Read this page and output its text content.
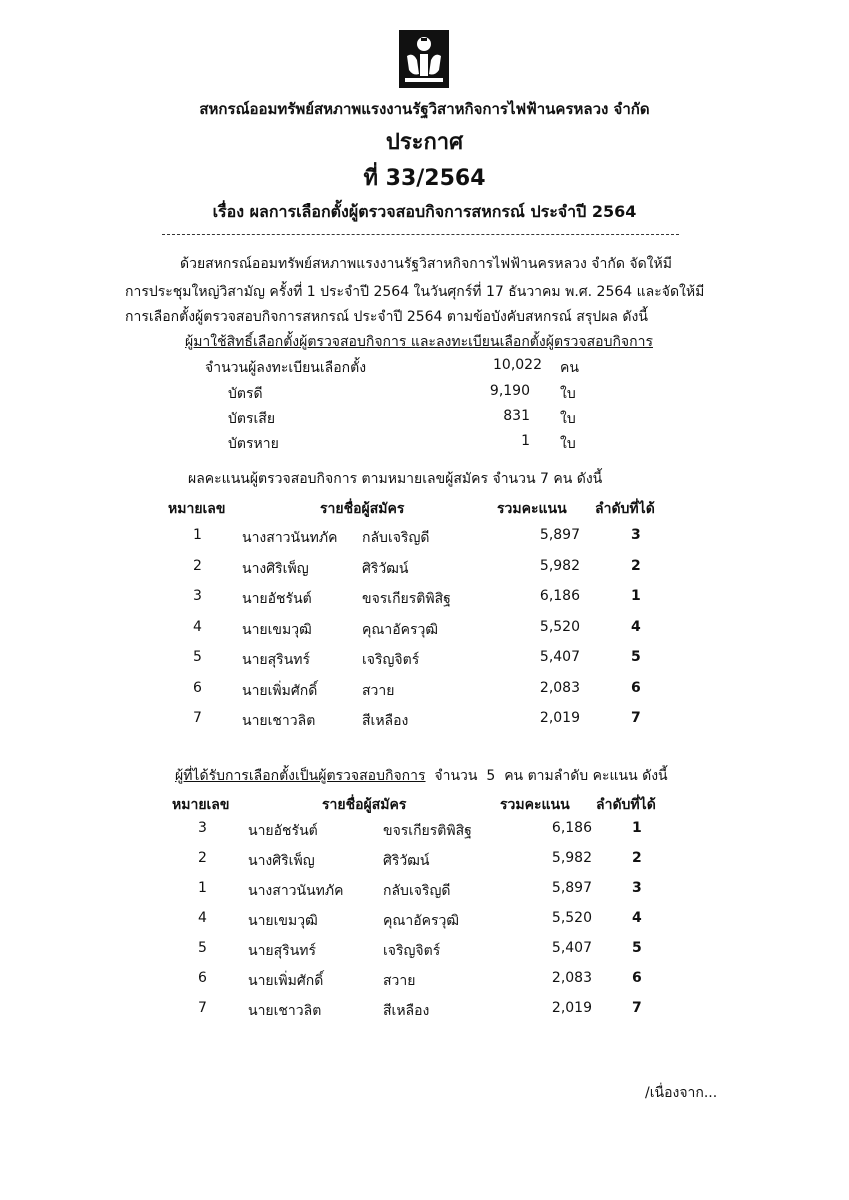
สหกรณ์ออมทรัพย์สหภาพแรงงานรัฐวิสาหกิจการไฟฟ้านครหลวง จำกัด
ประกาศ
ที่ 33/2564
เรื่อง ผลการเลือกตั้งผู้ตรวจสอบกิจการสหกรณ์ ประจำปี 2564
ด้วยสหกรณ์ออมทรัพย์สหภาพแรงงานรัฐวิสาหกิจการไฟฟ้านครหลวง จำกัด จัดให้มี
การประชุมใหญ่วิสามัญ ครั้งที่ 1 ประจำปี 2564 ในวันศุกร์ที่ 17 ธันวาคม พ.ศ. 2564 และจัดให้มี
การเลือกตั้งผู้ตรวจสอบกิจการสหกรณ์ ประจำปี 2564 ตามข้อบังคับสหกรณ์ สรุปผล ดังนี้
ผู้มาใช้สิทธิ์เลือกตั้งผู้ตรวจสอบกิจการ และลงทะเบียนเลือกตั้งผู้ตรวจสอบกิจการ
จำนวนผู้ลงทะเบียนเลือกตั้ง	10,022 คน
บัตรดี	9,190 ใบ
บัตรเสีย	831 ใบ
บัตรหาย	1 ใบ
ผลคะแนนผู้ตรวจสอบกิจการ ตามหมายเลขผู้สมัคร จำนวน 7 คน ดังนี้
หมายเลข	รายชื่อผู้สมัคร	รวมคะแนน ลำดับที่ได้
1	นางสาวนันทภัค กลับเจริญดี	5,897	3
2	นางศิริเพ็ญ	ศิริวัฒน์	5,982	2
3	นายอัชรันต์	ขจรเกียรติพิสิฐ	6,186	1
4	นายเขมวุฒิ	คุณาอัครวุฒิ	5,520	4
5	นายสุรินทร์	เจริญจิตร์	5,407	5
6	นายเพิ่มศักดิ์	สวาย	2,083	6
7	นายเชาวลิต	สีเหลือง	2,019	7
ผู้ที่ได้รับการเลือกตั้งเป็นผู้ตรวจสอบกิจการ  จำนวน  5  คน ตามลำดับ คะแนน ดังนี้
หมายเลข	รายชื่อผู้สมัคร	รวมคะแนน ลำดับที่ได้
3	นายอัชรันต์	ขจรเกียรติพิสิฐ	6,186	1
2	นางศิริเพ็ญ	ศิริวัฒน์	5,982	2
1	นางสาวนันทภัค	กลับเจริญดี	5,897	3
4	นายเขมวุฒิ	คุณาอัครวุฒิ	5,520	4
5	นายสุรินทร์	เจริญจิตร์	5,407	5
6	นายเพิ่มศักดิ์	สวาย	2,083	6
7	นายเชาวลิต	สีเหลือง	2,019	7
/เนื่องจาก...
